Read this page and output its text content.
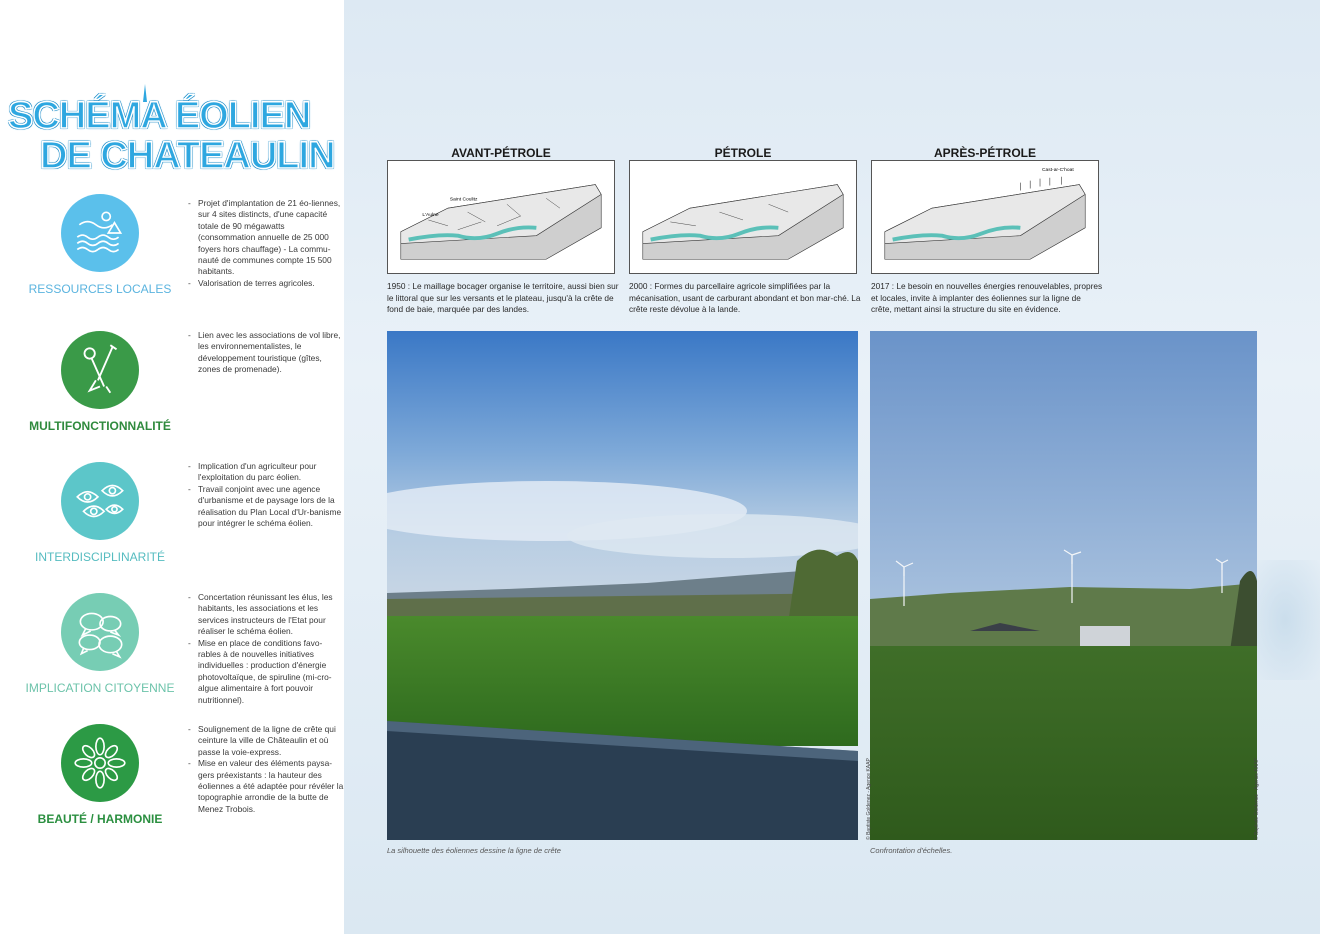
SCHÉMA ÉOLIEN
DE CHATEAULIN
RESSOURCES LOCALES
- Projet d'implantation de 21 éo-liennes, sur 4 sites distincts, d'une capacité totale de 90 mégawatts (consommation annuelle de 25 000 foyers hors chauffage) - La commu-nauté de communes compte 15 500 habitants.
- Valorisation de terres agricoles.
MULTIFONCTIONNALITÉ
- Lien avec les associations de vol libre, les environnementalistes, le développement touristique (gîtes, zones de promenade).
INTERDISCIPLINARITÉ
- Implication d'un agriculteur pour l'exploitation du parc éolien.
- Travail conjoint avec une agence d'urbanisme et de paysage lors de la réalisation du Plan Local d'Ur-banisme pour intégrer le schéma éolien.
IMPLICATION CITOYENNE
- Concertation réunissant les élus, les habitants, les associations et les services instructeurs de l'Etat pour réaliser le schéma éolien.
- Mise en place de conditions favo-rables à de nouvelles initiatives individuelles : production d'énergie photovoltaïque, de spiruline (mi-cro-algue alimentaire à fort pouvoir nutritionnel).
BEAUTÉ / HARMONIE
- Soulignement de la ligne de crête qui ceinture la ville de Châteaulin et où passe la voie-express.
- Mise en valeur des éléments paysa-gers préexistants : la hauteur des éoliennes a été adaptée pour révéler la topographie arrondie de la butte de Menez Trobois.
AVANT-PÉTROLE	PÉTROLE	APRÈS-PÉTROLE
Saint Coulitz
L'Aulne
Cast-ar-C'hoat
1950 : Le maillage bocager organise le territoire, aussi bien sur le littoral que sur les versants et le plateau, jusqu'à la crête de fond de baie, marquée par des landes.
2000 : Formes du parcellaire agricole simplifiées par la mécanisation, usant de carburant abondant et bon mar-ché. La crête reste dévolue à la lande.
2017 : Le besoin en nouvelles énergies renouvelables, propres et locales, invite à implanter des éoliennes sur la ligne de crête, mettant ainsi la structure du site en évidence.
© Baptiste Goldenez - Agence KAAP	© Baptiste Goldenez - Agence KAAP
La silhouette des éoliennes dessine la ligne de crête	Confrontation d'échelles.
